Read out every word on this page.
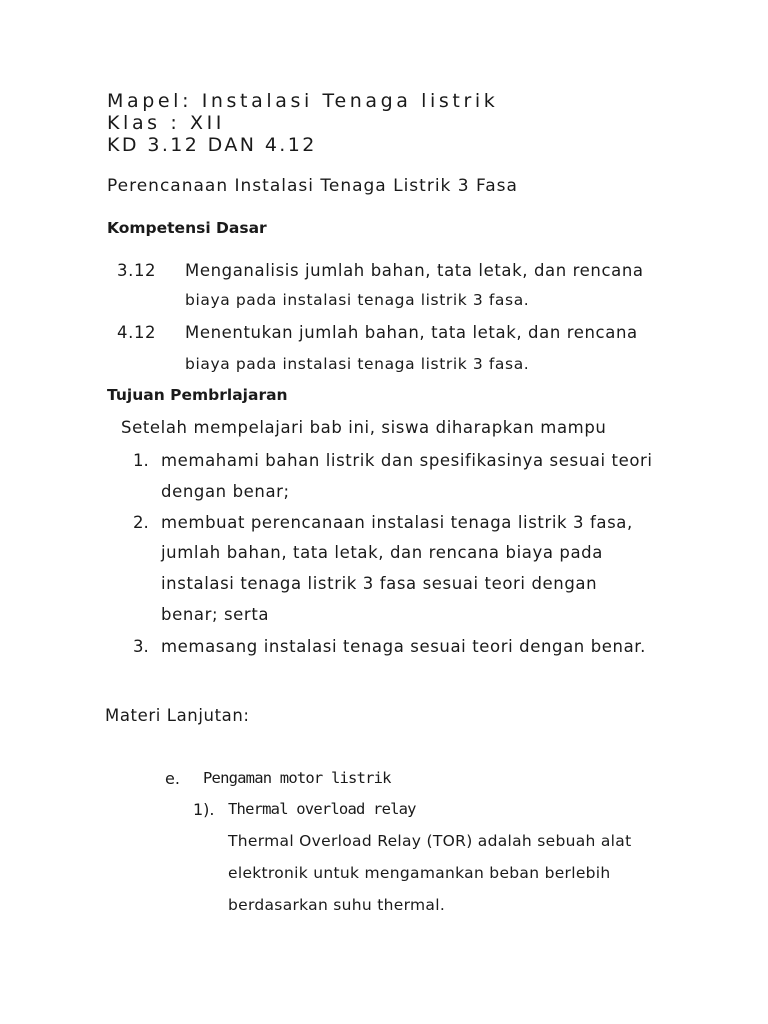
Mapel: Instalasi Tenaga listrik
Klas : XII
KD 3.12 DAN 4.12
Perencanaan Instalasi Tenaga Listrik 3 Fasa
Kompetensi Dasar
3.12 Menganalisis jumlah bahan, tata letak, dan rencana
biaya pada instalasi tenaga listrik 3 fasa.
4.12 Menentukan jumlah bahan, tata letak, dan rencana
biaya pada instalasi tenaga listrik 3 fasa.
Tujuan Pembrlajaran
Setelah mempelajari bab ini, siswa diharapkan mampu
1. memahami bahan listrik dan spesifikasinya sesuai teori
dengan benar;
2. membuat perencanaan instalasi tenaga listrik 3 fasa,
jumlah bahan, tata letak, dan rencana biaya pada
instalasi tenaga listrik 3 fasa sesuai teori dengan
benar; serta
3. memasang instalasi tenaga sesuai teori dengan benar.
Materi Lanjutan:
e. Pengaman motor listrik
1). Thermal overload relay
Thermal Overload Relay (TOR) adalah sebuah alat
elektronik untuk mengamankan beban berlebih
berdasarkan suhu thermal.
